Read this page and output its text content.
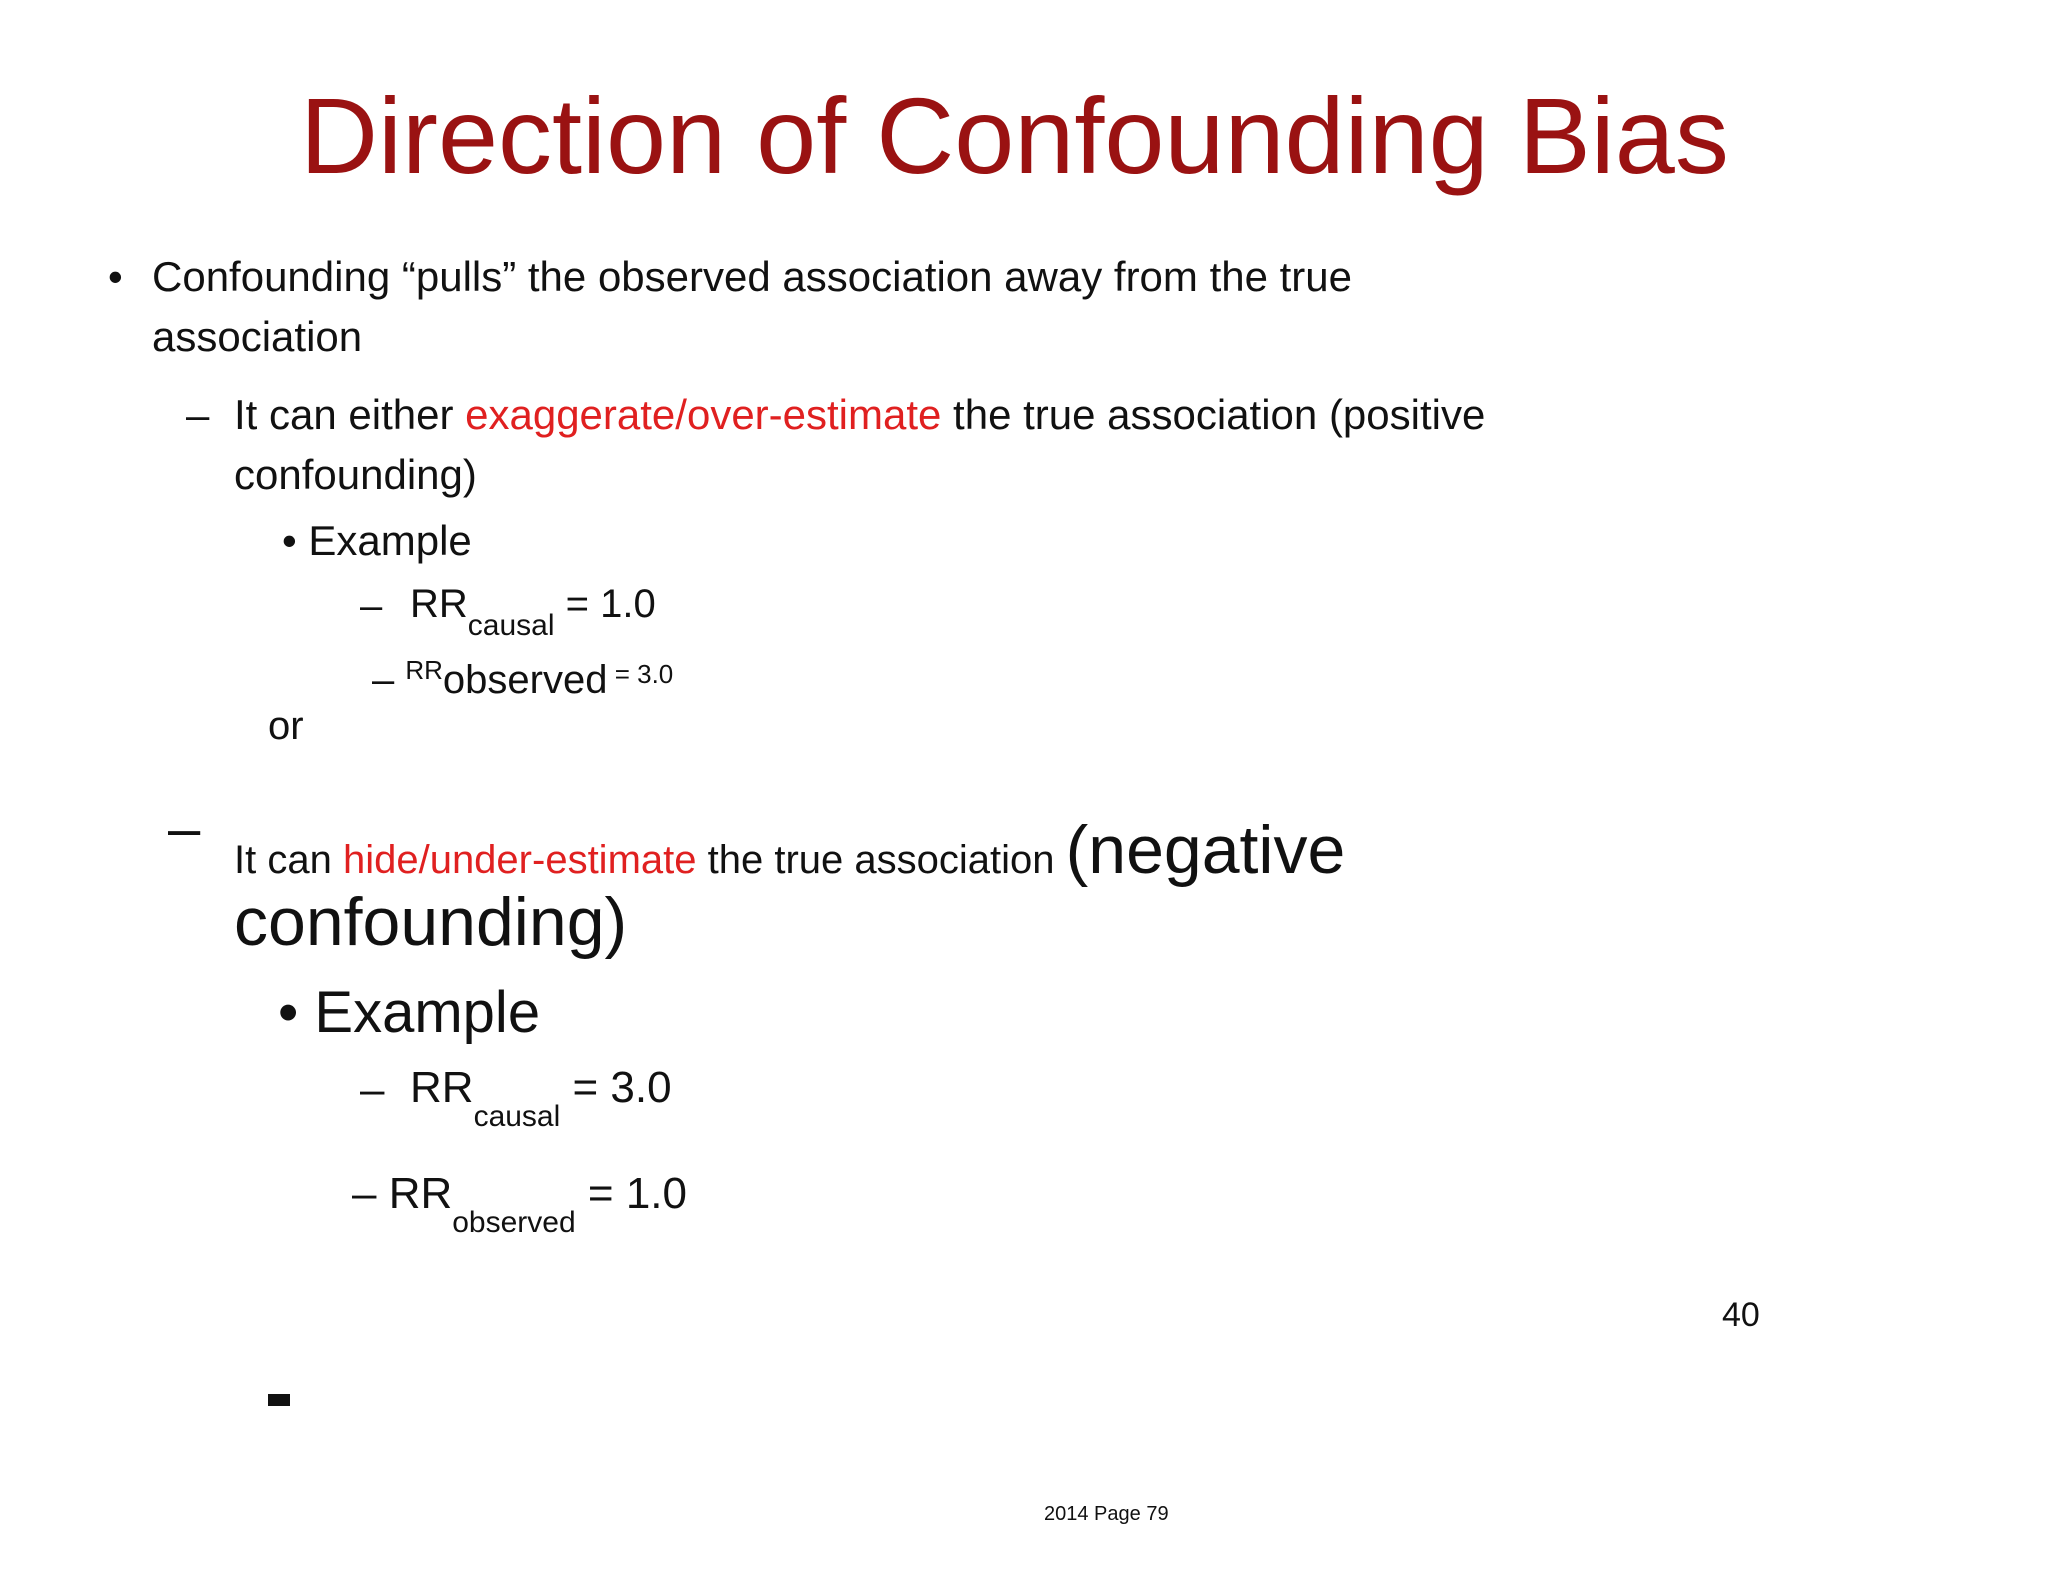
Direction of Confounding Bias
• Confounding “pulls” the observed association away from the true
association
– It can either exaggerate/over-estimate the true association (positive
confounding)
• Example
– $RR_{causal} = 1.0$
– $^{RR}$observed $^{= 3.0}$
or
– It can hide/under-estimate the true association (negative
confounding)
• Example
– $RR_{causal} = 3.0$
– $RR_{observed} = 1.0$
40
2014 Page 79
